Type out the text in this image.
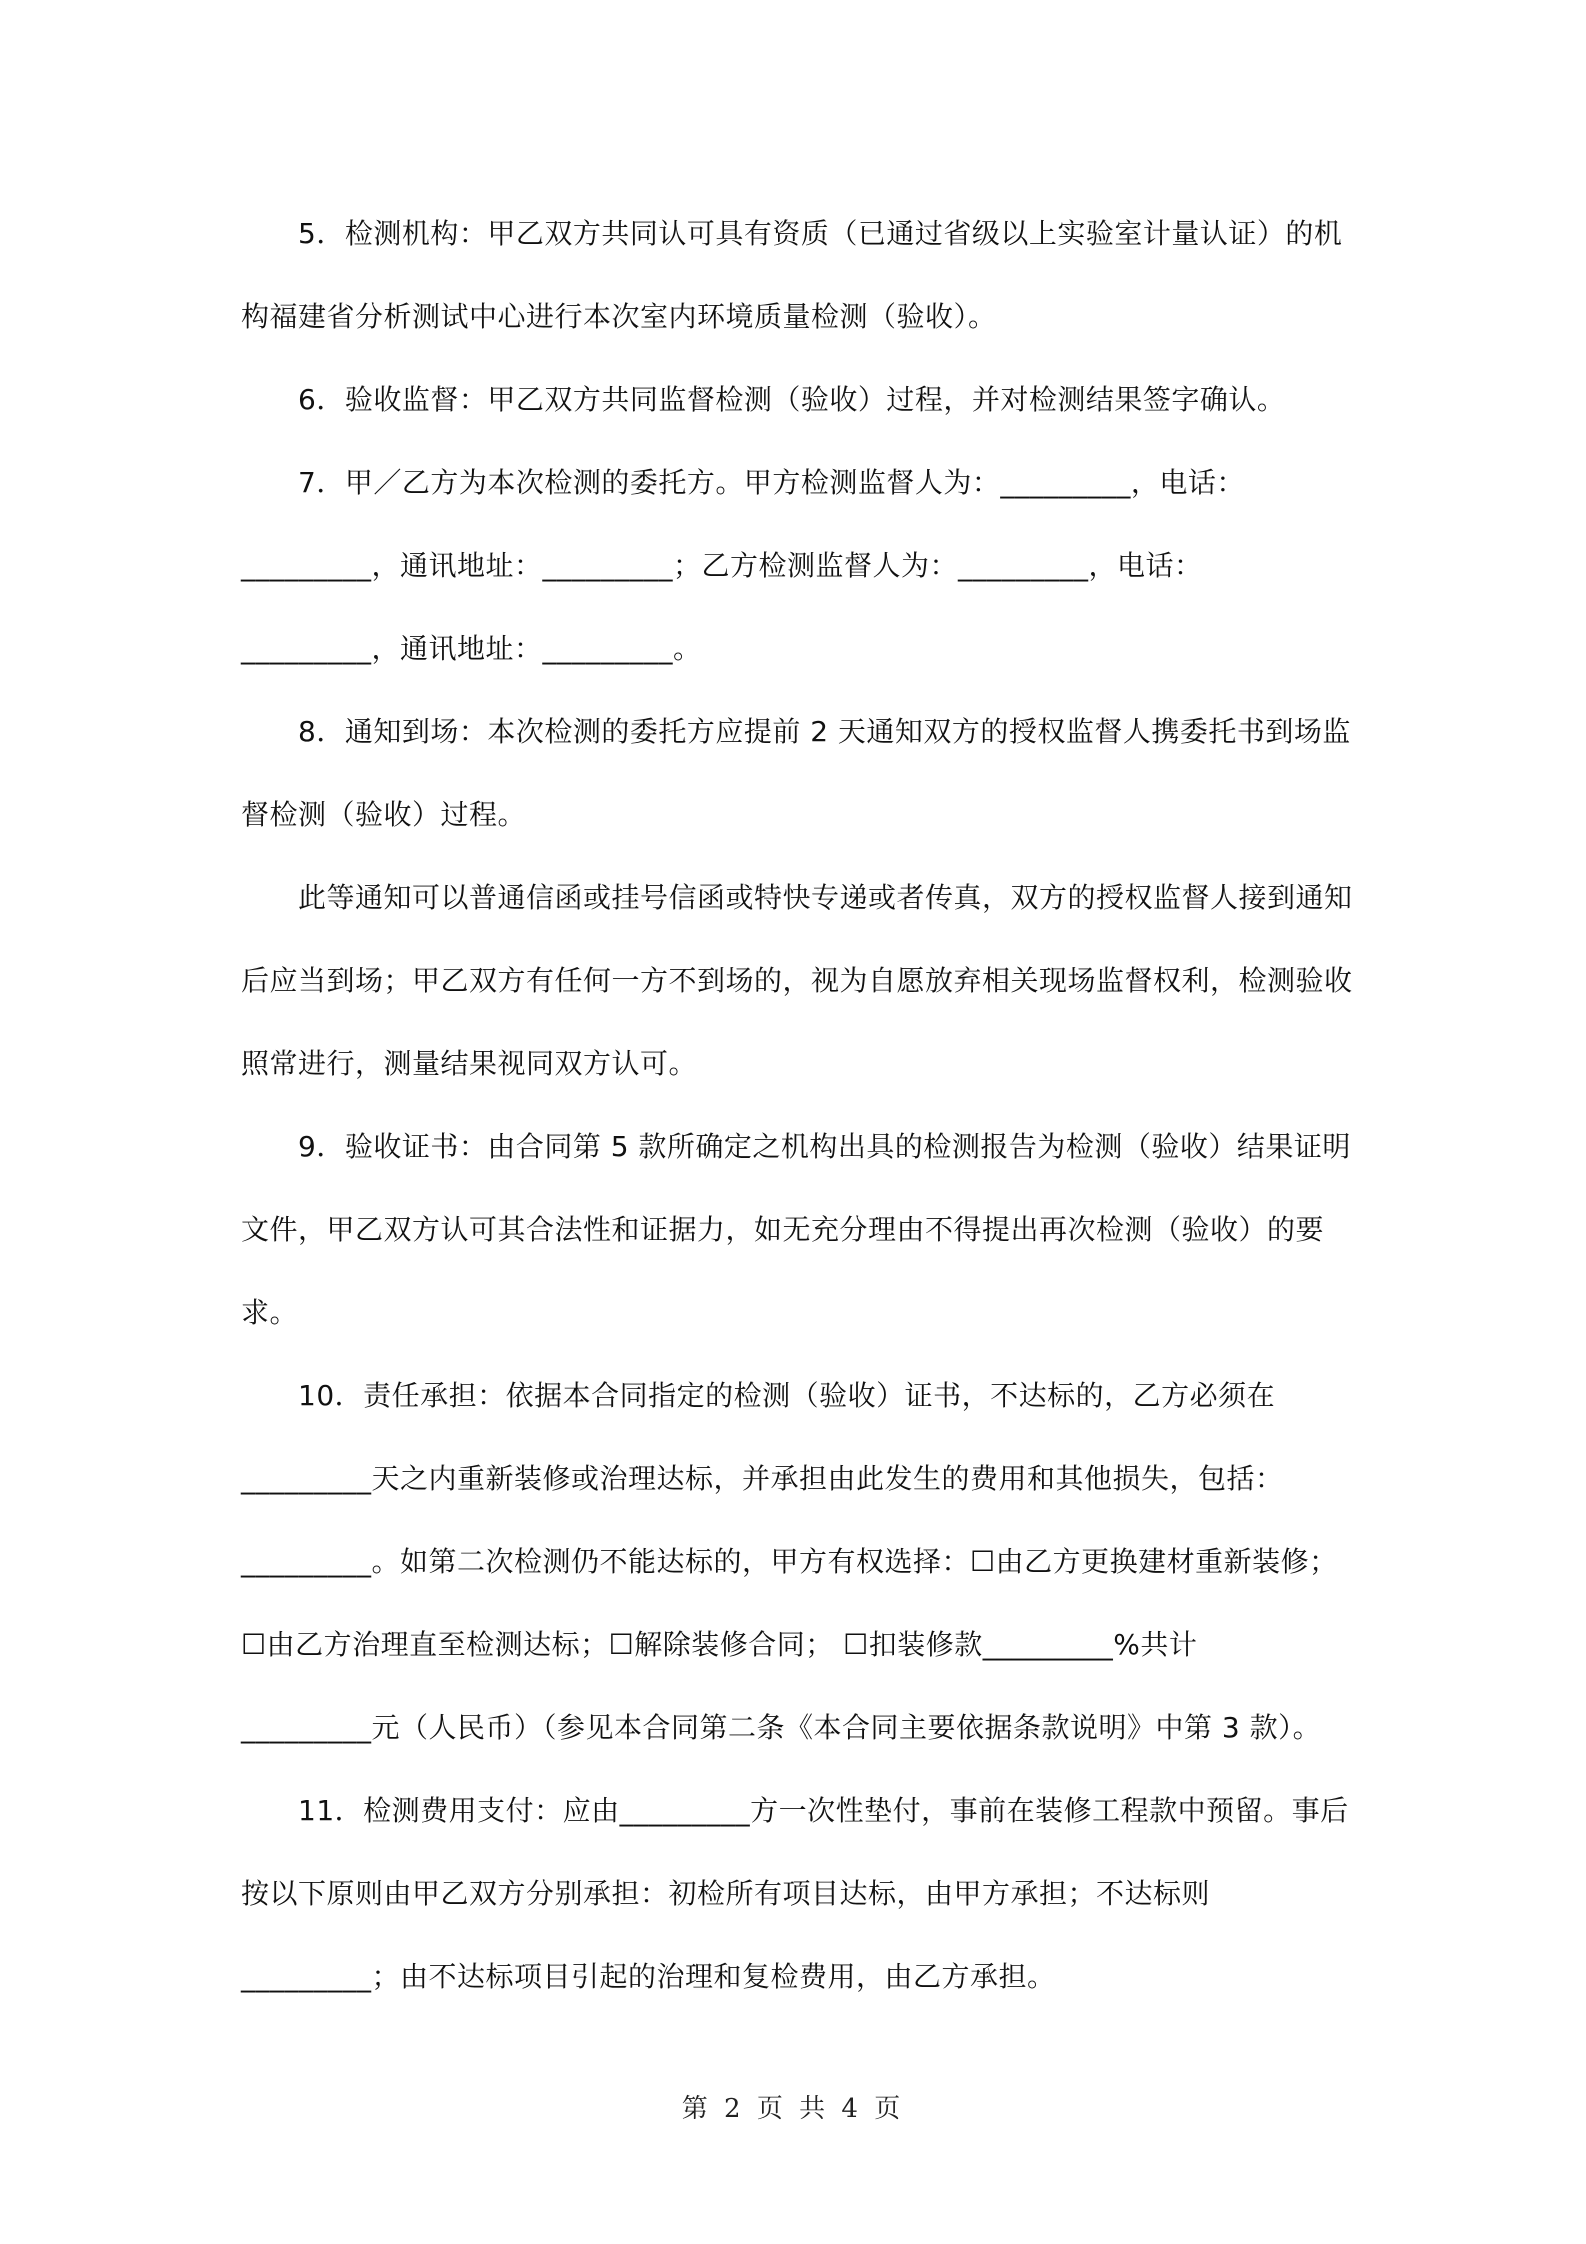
5．检测机构：甲乙双方共同认可具有资质（已通过省级以上实验室计量认证）的机
构福建省分析测试中心进行本次室内环境质量检测（验收）。
6．验收监督：甲乙双方共同监督检测（验收）过程，并对检测结果签字确认。
7．甲／乙方为本次检测的委托方。甲方检测监督人为：_________，电话：
_________，通讯地址：_________；乙方检测监督人为：_________，电话：
_________，通讯地址：_________。
8．通知到场：本次检测的委托方应提前 2 天通知双方的授权监督人携委托书到场监
督检测（验收）过程。
此等通知可以普通信函或挂号信函或特快专递或者传真，双方的授权监督人接到通知
后应当到场；甲乙双方有任何一方不到场的，视为自愿放弃相关现场监督权利，检测验收
照常进行，测量结果视同双方认可。
9．验收证书：由合同第 5 款所确定之机构出具的检测报告为检测（验收）结果证明
文件，甲乙双方认可其合法性和证据力，如无充分理由不得提出再次检测（验收）的要
求。
10．责任承担：依据本合同指定的检测（验收）证书，不达标的，乙方必须在
_________天之内重新装修或治理达标，并承担由此发生的费用和其他损失，包括：
_________。如第二次检测仍不能达标的，甲方有权选择：☐由乙方更换建材重新装修；
☐由乙方治理直至检测达标；☐解除装修合同； ☐扣装修款_________%共计
_________元（人民币）（参见本合同第二条《本合同主要依据条款说明》中第 3 款）。
11．检测费用支付：应由_________方一次性垫付，事前在装修工程款中预留。事后
按以下原则由甲乙双方分别承担：初检所有项目达标，由甲方承担；不达标则
_________；由不达标项目引起的治理和复检费用，由乙方承担。
第 2 页 共 4 页
